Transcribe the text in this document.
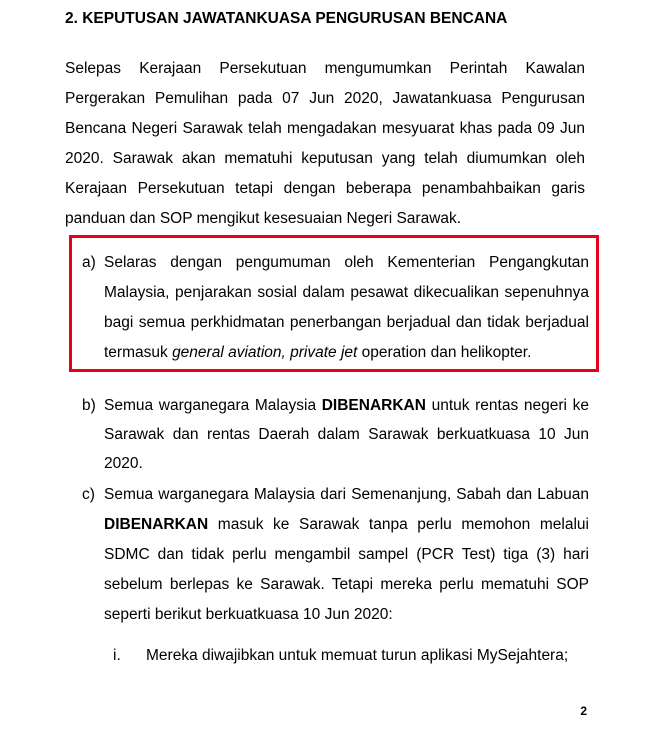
2. KEPUTUSAN JAWATANKUASA PENGURUSAN BENCANA
Selepas Kerajaan Persekutuan mengumumkan Perintah Kawalan Pergerakan Pemulihan pada 07 Jun 2020, Jawatankuasa Pengurusan Bencana Negeri Sarawak telah mengadakan mesyuarat khas pada 09 Jun 2020. Sarawak akan mematuhi keputusan yang telah diumumkan oleh Kerajaan Persekutuan tetapi dengan beberapa penambahbaikan garis panduan dan SOP mengikut kesesuaian Negeri Sarawak.
a) Selaras dengan pengumuman oleh Kementerian Pengangkutan Malaysia, penjarakan sosial dalam pesawat dikecualikan sepenuhnya bagi semua perkhidmatan penerbangan berjadual dan tidak berjadual termasuk general aviation, private jet operation dan helikopter.
b) Semua warganegara Malaysia DIBENARKAN untuk rentas negeri ke Sarawak dan rentas Daerah dalam Sarawak berkuatkuasa 10 Jun 2020.
c) Semua warganegara Malaysia dari Semenanjung, Sabah dan Labuan DIBENARKAN masuk ke Sarawak tanpa perlu memohon melalui SDMC dan tidak perlu mengambil sampel (PCR Test) tiga (3) hari sebelum berlepas ke Sarawak. Tetapi mereka perlu mematuhi SOP seperti berikut berkuatkuasa 10 Jun 2020:
i. Mereka diwajibkan untuk memuat turun aplikasi MySejahtera;
2
